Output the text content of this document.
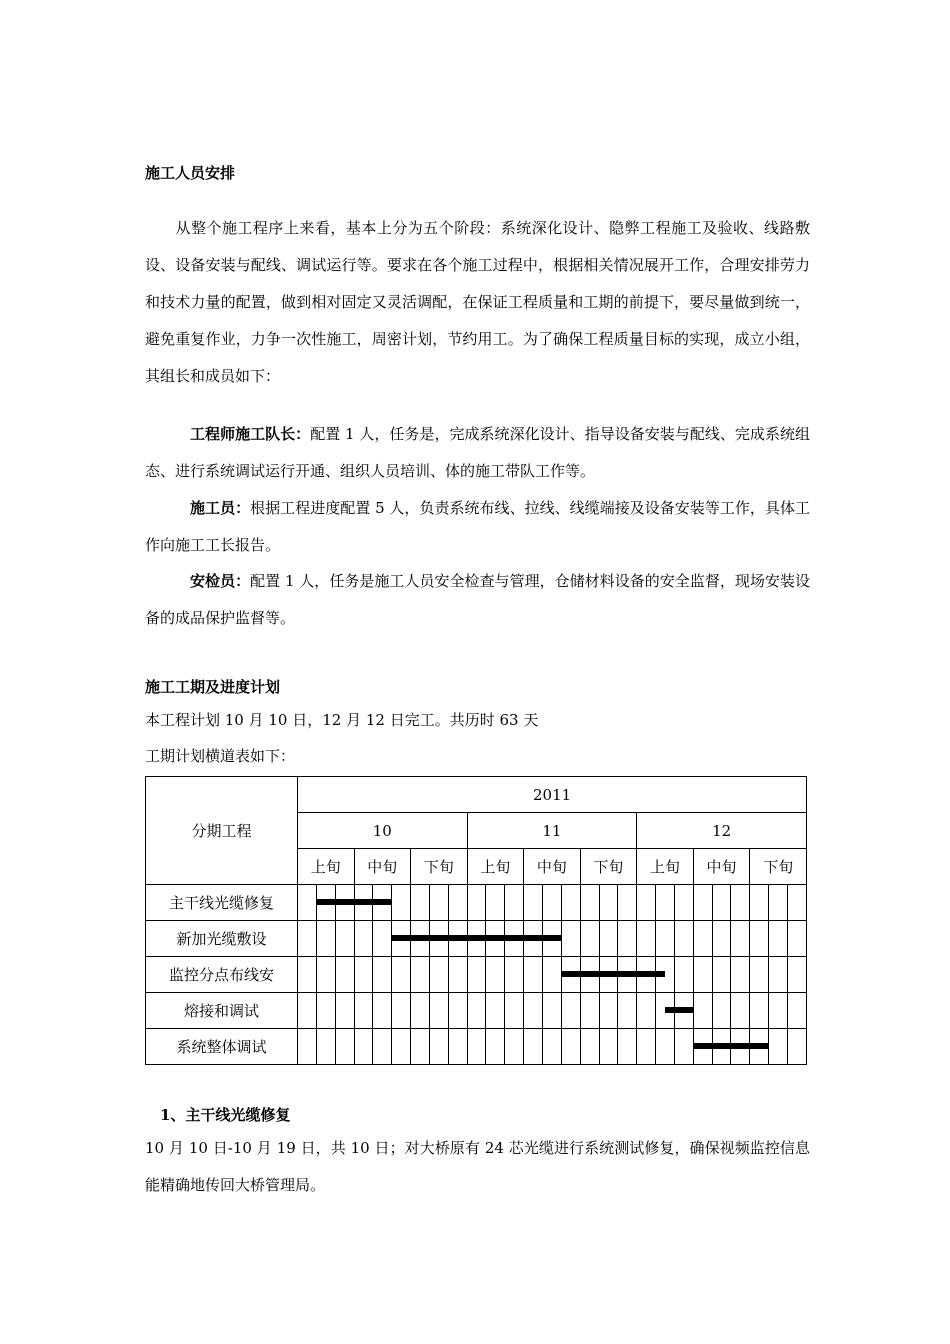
施工人员安排
从整个施工程序上来看，基本上分为五个阶段：系统深化设计、隐弊工程施工及验收、线路敷设、设备安装与配线、调试运行等。要求在各个施工过程中，根据相关情况展开工作，合理安排劳力和技术力量的配置，做到相对固定又灵活调配，在保证工程质量和工期的前提下，要尽量做到统一，避免重复作业，力争一次性施工，周密计划，节约用工。为了确保工程质量目标的实现，成立小组，其组长和成员如下：
工程师施工队长：配置 1 人，任务是，完成系统深化设计、指导设备安装与配线、完成系统组态、进行系统调试运行开通、组织人员培训、体的施工带队工作等。
施工员：根据工程进度配置 5 人，负责系统布线、拉线、线缆端接及设备安装等工作，具体工作向施工工长报告。
安检员：配置 1 人，任务是施工人员安全检查与管理，仓储材料设备的安全监督，现场安装设备的成品保护监督等。
施工工期及进度计划
本工程计划 10 月 10 日，12 月 12 日完工。共历时 63 天
工期计划横道表如下：
分期工程	2011																										
	10									11									12								
	上旬			中旬			下旬			上旬			中旬			下旬			上旬			中旬			下旬		
主干线光缆修复																											
新加光缆敷设																											
监控分点布线安																											
熔接和调试																											
系统整体调试																											
1、主干线光缆修复
10 月 10 日-10 月 19 日，共 10 日；对大桥原有 24 芯光缆进行系统测试修复，确保视频监控信息能精确地传回大桥管理局。
